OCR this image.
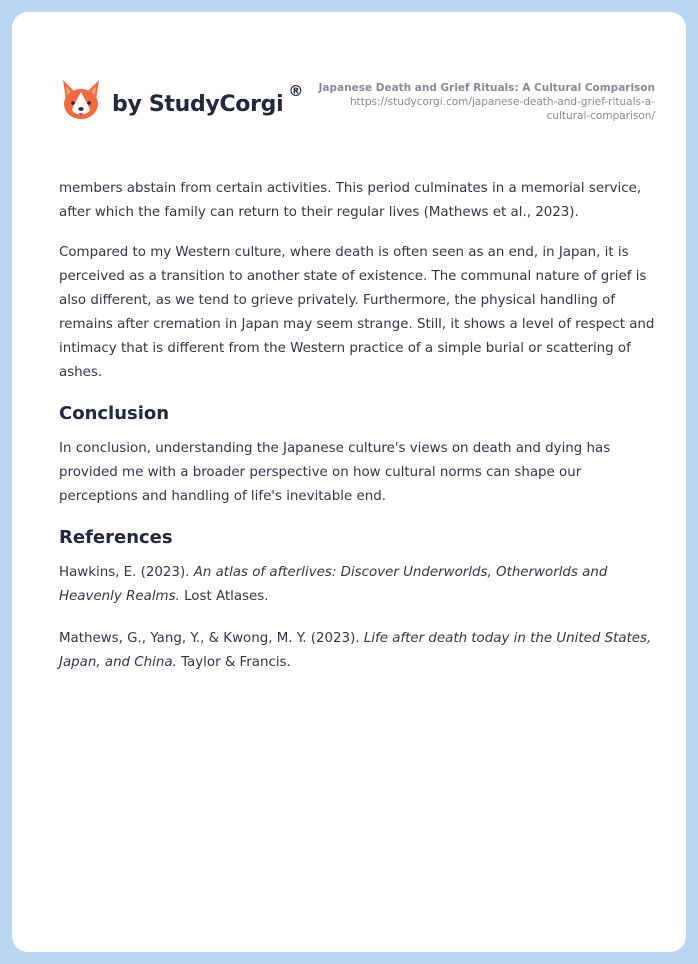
by StudyCorgi
®	Japanese Death and Grief Rituals: A Cultural Comparison
https://studycorgi.com/japanese-death-and-grief-rituals-a-
cultural-comparison/

members abstain from certain activities. This period culminates in a memorial service, after which the family can return to their regular lives (Mathews et al., 2023).

Compared to my Western culture, where death is often seen as an end, in Japan, it is perceived as a transition to another state of existence. The communal nature of grief is also different, as we tend to grieve privately. Furthermore, the physical handling of remains after cremation in Japan may seem strange. Still, it shows a level of respect and intimacy that is different from the Western practice of a simple burial or scattering of ashes.

Conclusion

In conclusion, understanding the Japanese culture's views on death and dying has provided me with a broader perspective on how cultural norms can shape our perceptions and handling of life's inevitable end.

References

Hawkins, E. (2023). An atlas of afterlives: Discover Underworlds, Otherworlds and Heavenly Realms. Lost Atlases.

Mathews, G., Yang, Y., & Kwong, M. Y. (2023). Life after death today in the United States, Japan, and China. Taylor & Francis.
